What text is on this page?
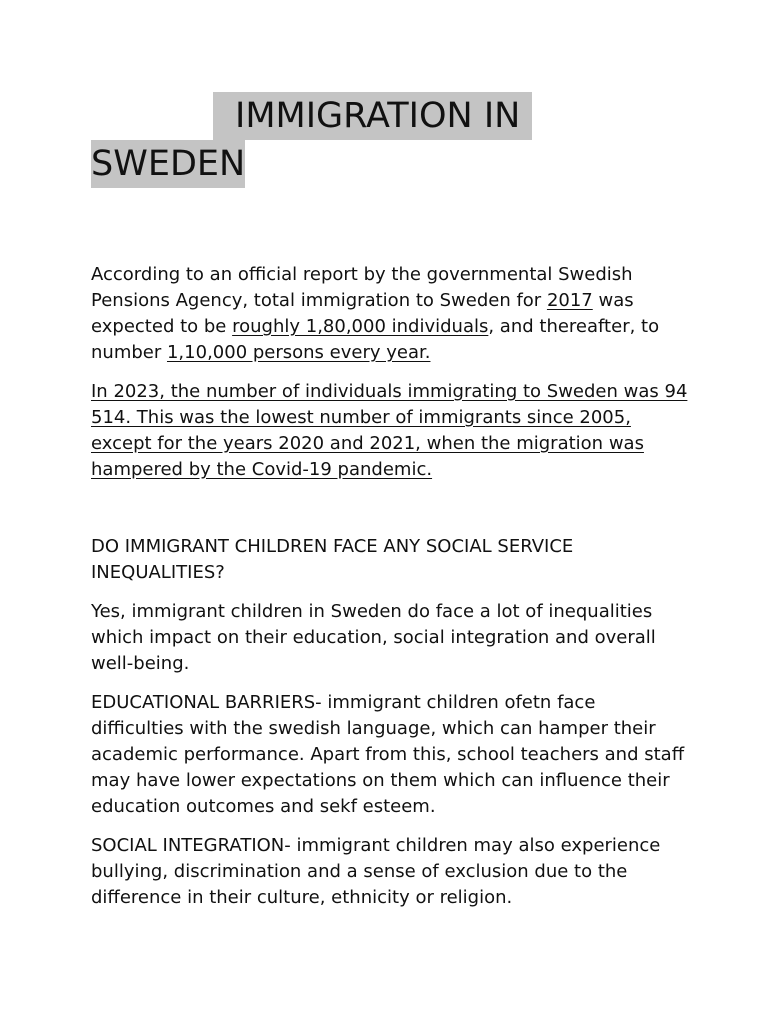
IMMIGRATION IN
SWEDEN

According to an official report by the governmental Swedish Pensions Agency, total immigration to Sweden for 2017 was expected to be roughly 1,80,000 individuals, and thereafter, to number 1,10,000 persons every year.

In 2023, the number of individuals immigrating to Sweden was 94 514. This was the lowest number of immigrants since 2005, except for the years 2020 and 2021, when the migration was hampered by the Covid-19 pandemic.

DO IMMIGRANT CHILDREN FACE ANY SOCIAL SERVICE INEQUALITIES?

Yes, immigrant children in Sweden do face a lot of inequalities which impact on their education, social integration and overall well-being.

EDUCATIONAL BARRIERS- immigrant children ofetn face difficulties with the swedish language, which can hamper their academic performance. Apart from this, school teachers and staff may have lower expectations on them which can influence their education outcomes and sekf esteem.

SOCIAL INTEGRATION- immigrant children may also experience bullying, discrimination and a sense of exclusion due to the difference in their culture, ethnicity or religion.
